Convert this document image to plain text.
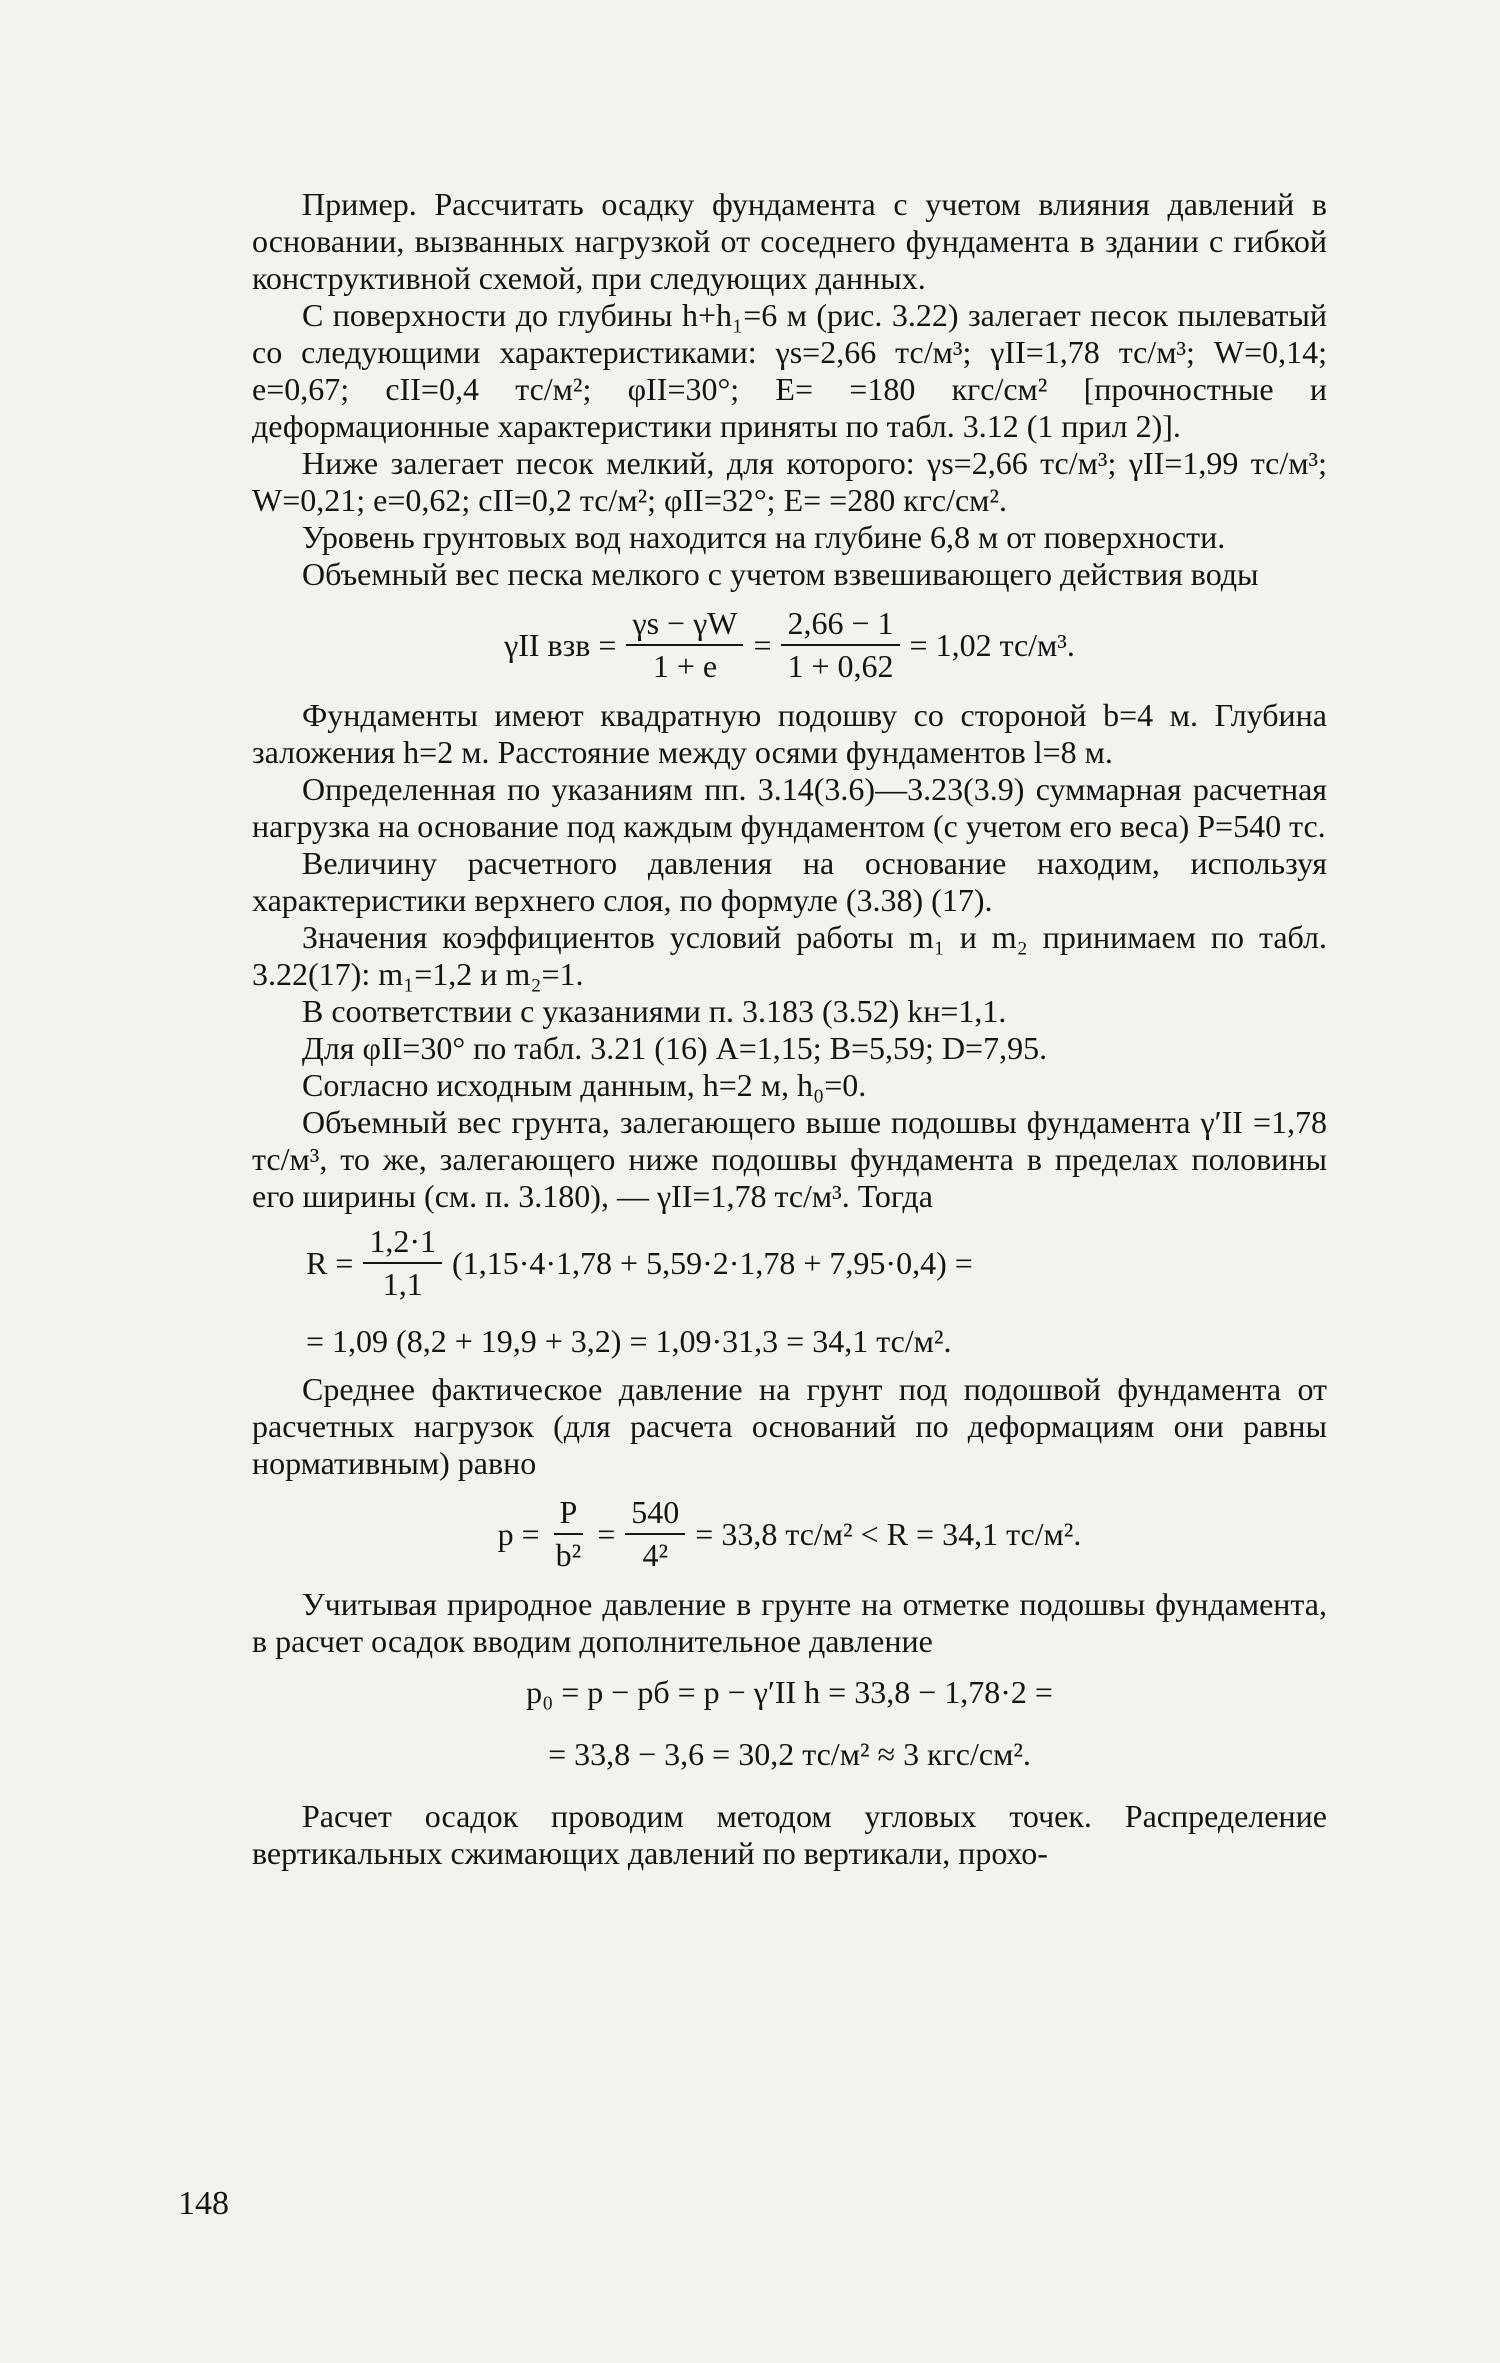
Пример. Рассчитать осадку фундамента с учетом влияния давлений в основании, вызванных нагрузкой от соседнего фундамента в здании с гибкой конструктивной схемой, при следующих данных.

С поверхности до глубины h+h₁=6 м (рис. 3.22) залегает песок пылеватый со следующими характеристиками: γs=2,66 тс/м³; γII=1,78 тс/м³; W=0,14; e=0,67; cII=0,4 тс/м²; φII=30°; E= =180 кгс/см² [прочностные и деформационные характеристики приняты по табл. 3.12 (1 прил 2)].

Ниже залегает песок мелкий, для которого: γs=2,66 тс/м³; γII=1,99 тс/м³; W=0,21; e=0,62; cII=0,2 тс/м²; φII=32°; E= =280 кгс/см².

Уровень грунтовых вод находится на глубине 6,8 м от поверхности.

Объемный вес песка мелкого с учетом взвешивающего действия воды

γII взв = $\frac{\gamma s - \gamma W}{1 + e} = \frac{2,66 - 1}{1 + 0,62} = 1,02$ тс/м³.

Фундаменты имеют квадратную подошву со стороной b=4 м. Глубина заложения h=2 м. Расстояние между осями фундаментов l=8 м.

Определенная по указаниям пп. 3.14(3.6)—3.23(3.9) суммарная расчетная нагрузка на основание под каждым фундаментом (с учетом его веса) P=540 тс.

Величину расчетного давления на основание находим, используя характеристики верхнего слоя, по формуле (3.38) (17).

Значения коэффициентов условий работы m₁ и m₂ принимаем по табл. 3.22(17): m₁=1,2 и m₂=1.

В соответствии с указаниями п. 3.183 (3.52) kн=1,1.

Для φII=30° по табл. 3.21 (16) A=1,15; B=5,59; D=7,95.

Согласно исходным данным, h=2 м, h₀=0.

Объемный вес грунта, залегающего выше подошвы фундамента γ′II =1,78 тс/м³, то же, залегающего ниже подошвы фундамента в пределах половины его ширины (см. п. 3.180), — γII=1,78 тс/м³. Тогда

$R = \frac{1,2\cdot 1}{1,1} (1,15\cdot 4\cdot 1,78 + 5,59\cdot 2\cdot 1,78 + 7,95\cdot 0,4)$ =
= 1,09 (8,2 + 19,9 + 3,2) = 1,09·31,3 = 34,1 тс/м².

Среднее фактическое давление на грунт под подошвой фундамента от расчетных нагрузок (для расчета оснований по деформациям они равны нормативным) равно

$p = \frac{P}{\text{b²}} = \frac{540}{\text{4²}} = 33,8$ тс/м² < R = 34,1 тс/м².

Учитывая природное давление в грунте на отметке подошвы фундамента, в расчет осадок вводим дополнительное давление

p₀ = p − pб = p − γ′II h = 33,8 − 1,78·2 =
= 33,8 − 3,6 = 30,2 тс/м² ≈ 3 кгс/см².

Расчет осадок проводим методом угловых точек. Распределение вертикальных сжимающих давлений по вертикали, прохо-

148
